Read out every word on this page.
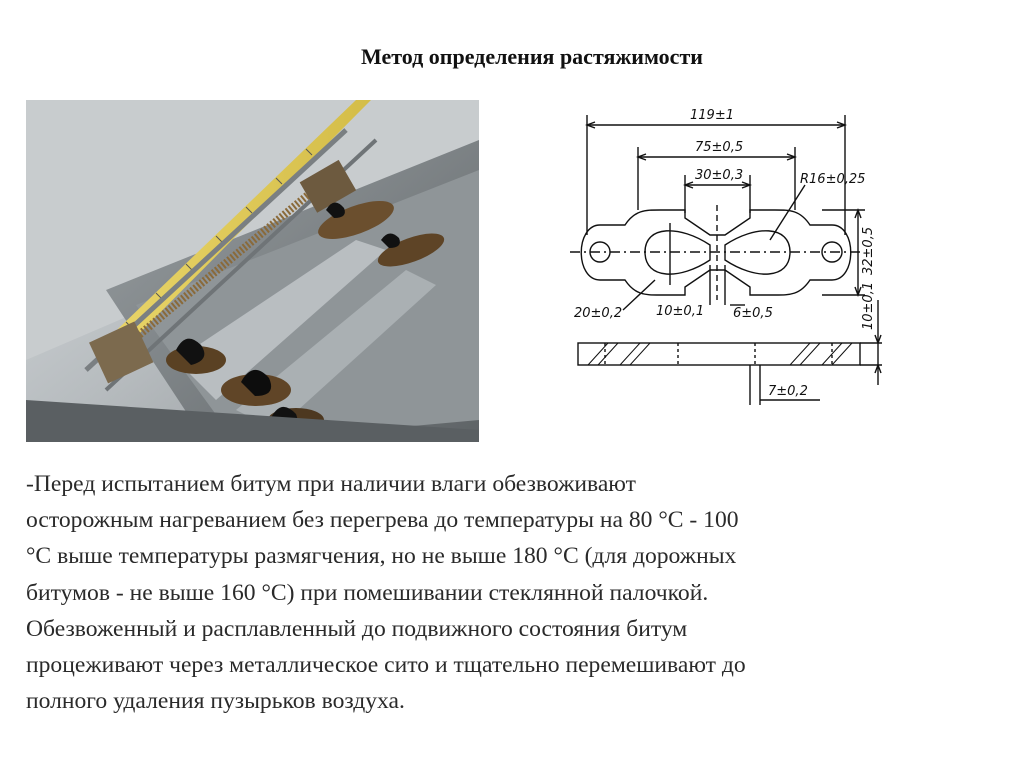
Метод определения растяжимости
119±1
75±0,5
30±0,3	R16±0,25
32±0,5
20±0,2	10±0,1 6±0,5	10±0,1
7±0,2

-Перед испытанием битум при наличии влаги обезвоживают

осторожным нагреванием без перегрева до температуры на 80 °С - 100

°С выше температуры размягчения, но не выше 180 °С (для дорожных

битумов - не выше 160 °С) при помешивании стеклянной палочкой.

Обезвоженный и расплавленный до подвижного состояния битум

процеживают через металлическое сито и тщательно перемешивают до

полного удаления пузырьков воздуха.
